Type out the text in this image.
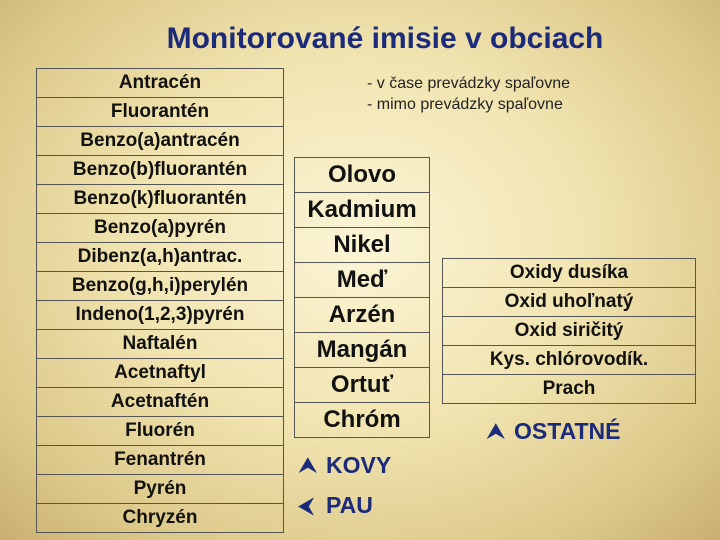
Monitorované imisie v obciach
- v čase prevádzky spaľovne
- mimo prevádzky spaľovne
Antracén
Fluorantén
Benzo(a)antracén
Benzo(b)fluorantén
Benzo(k)fluorantén
Benzo(a)pyrén
Dibenz(a,h)antrac.
Benzo(g,h,i)perylén
Indeno(1,2,3)pyrén
Naftalén
Acetnaftyl
Acetnaftén
Fluorén
Fenantrén
Pyrén
Chryzén
Olovo
Kadmium
Nikel
Meď
Arzén
Mangán
Ortuť
Chróm
Oxidy dusíka
Oxid uhoľnatý
Oxid siričitý
Kys. chlórovodík.
Prach
⮝ KOVY
⮜ PAU
⮝ OSTATNÉ
